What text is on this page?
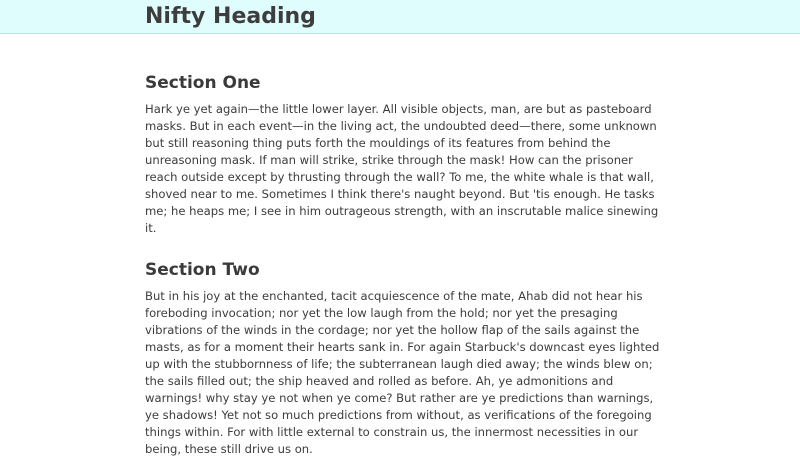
Nifty Heading
Section One

Hark ye yet again—the little lower layer. All visible objects, man, are but as pasteboard masks. But in each event—in the living act, the undoubted deed—there, some unknown but still reasoning thing puts forth the mouldings of its features from behind the unreasoning mask. If man will strike, strike through the mask! How can the prisoner reach outside except by thrusting through the wall? To me, the white whale is that wall, shoved near to me. Sometimes I think there's naught beyond. But 'tis enough. He tasks me; he heaps me; I see in him outrageous strength, with an inscrutable malice sinewing it.

Section Two

But in his joy at the enchanted, tacit acquiescence of the mate, Ahab did not hear his foreboding invocation; nor yet the low laugh from the hold; nor yet the presaging vibrations of the winds in the cordage; nor yet the hollow flap of the sails against the masts, as for a moment their hearts sank in. For again Starbuck's downcast eyes lighted up with the stubbornness of life; the subterranean laugh died away; the winds blew on; the sails filled out; the ship heaved and rolled as before. Ah, ye admonitions and warnings! why stay ye not when ye come? But rather are ye predictions than warnings, ye shadows! Yet not so much predictions from without, as verifications of the foregoing things within. For with little external to constrain us, the innermost necessities in our being, these still drive us on.
